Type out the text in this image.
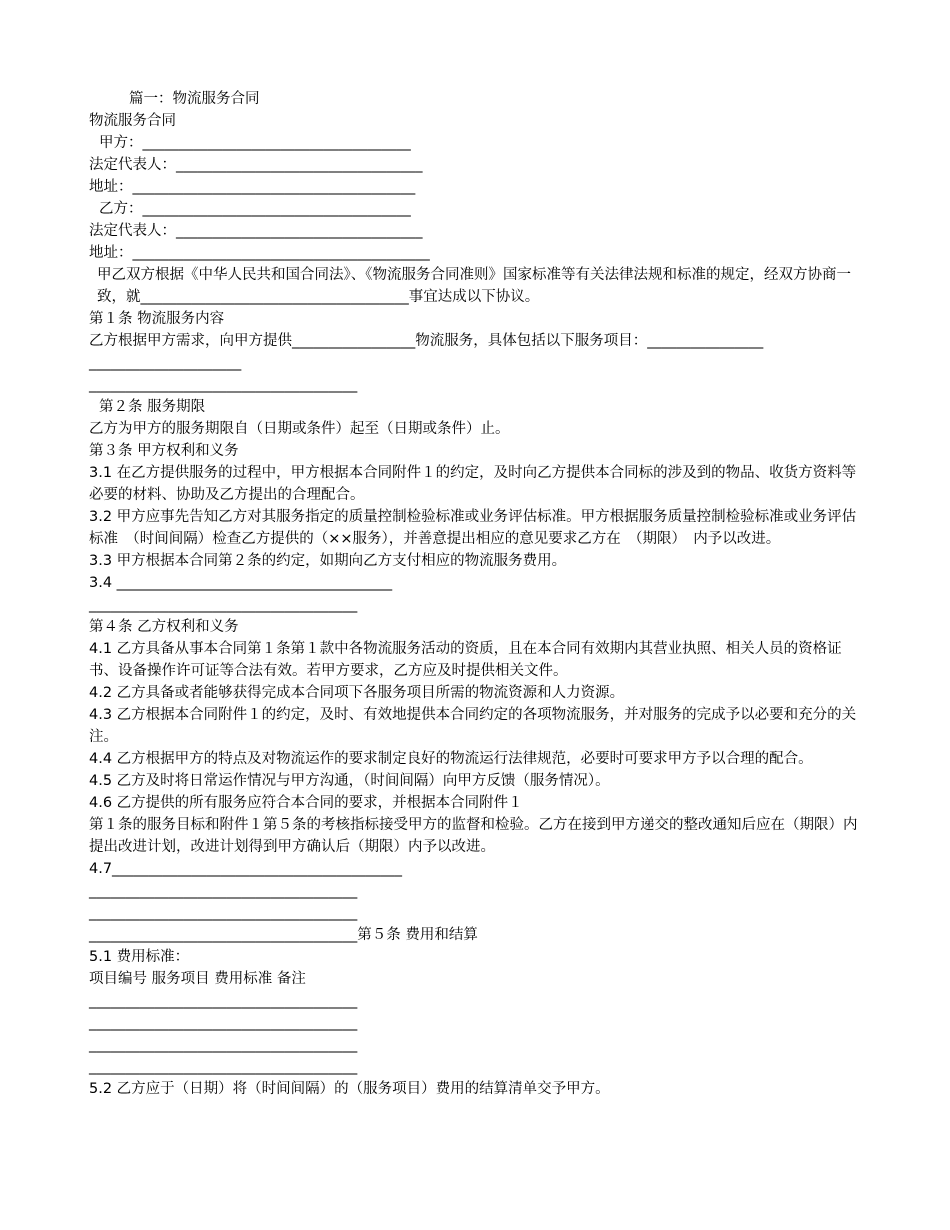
篇一：物流服务合同
物流服务合同
甲方：_____________________________________
法定代表人：__________________________________
地址：_______________________________________
乙方：_____________________________________
法定代表人：__________________________________
地址：_________________________________________
甲乙双方根据《中华人民共和国合同法》、《物流服务合同准则》国家标准等有关法律法规和标准的规定，经双方协商一致，就_____________________________________事宜达成以下协议。
第１条 物流服务内容
乙方根据甲方需求，向甲方提供_________________物流服务，具体包括以下服务项目：________________
_____________________
_____________________________________
第２条 服务期限
乙方为甲方的服务期限自（日期或条件）起至（日期或条件）止。
第３条 甲方权利和义务
3.1 在乙方提供服务的过程中，甲方根据本合同附件１的约定，及时向乙方提供本合同标的涉及到的物品、收货方资料等必要的材料、协助及乙方提出的合理配合。
3.2 甲方应事先告知乙方对其服务指定的质量控制检验标准或业务评估标准。甲方根据服务质量控制检验标准或业务评估标准　（时间间隔）检查乙方提供的（××服务），并善意提出相应的意见要求乙方在　（期限）　内予以改进。
3.3 甲方根据本合同第２条的约定，如期向乙方支付相应的物流服务费用。
3.4 ______________________________________
_____________________________________
第４条 乙方权利和义务
4.1 乙方具备从事本合同第１条第１款中各物流服务活动的资质，且在本合同有效期内其营业执照、相关人员的资格证书、设备操作许可证等合法有效。若甲方要求，乙方应及时提供相关文件。
4.2 乙方具备或者能够获得完成本合同项下各服务项目所需的物流资源和人力资源。
4.3 乙方根据本合同附件１的约定，及时、有效地提供本合同约定的各项物流服务，并对服务的完成予以必要和充分的关注。
4.4 乙方根据甲方的特点及对物流运作的要求制定良好的物流运行法律规范，必要时可要求甲方予以合理的配合。
4.5 乙方及时将日常运作情况与甲方沟通，（时间间隔）向甲方反馈（服务情况）。
4.6 乙方提供的所有服务应符合本合同的要求，并根据本合同附件１
第１条的服务目标和附件１第５条的考核指标接受甲方的监督和检验。乙方在接到甲方递交的整改通知后应在（期限）内提出改进计划，改进计划得到甲方确认后（期限）内予以改进。
4.7________________________________________
_____________________________________
_____________________________________
_____________________________________第５条 费用和结算
5.1 费用标准：
项目编号 服务项目 费用标准 备注
_____________________________________
_____________________________________
_____________________________________
_____________________________________
5.2 乙方应于（日期）将（时间间隔）的（服务项目）费用的结算清单交予甲方。
